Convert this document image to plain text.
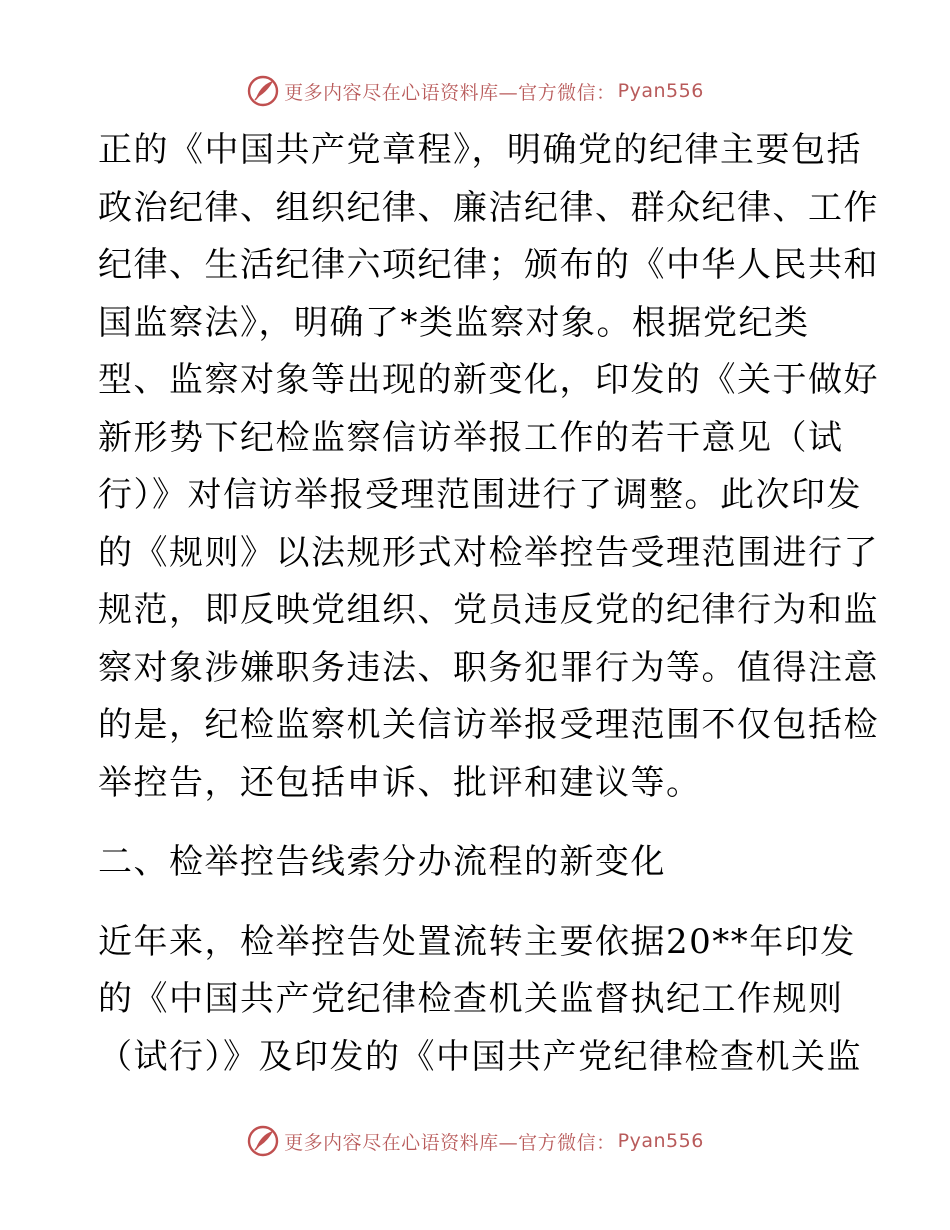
更多内容尽在心语资料库—官方微信： Pyan556
正的《中国共产党章程》，明确党的纪律主要包括
政治纪律、组织纪律、廉洁纪律、群众纪律、工作
纪律、生活纪律六项纪律；颁布的《中华人民共和
国监察法》，明确了*类监察对象。根据党纪类
型、监察对象等出现的新变化，印发的《关于做好
新形势下纪检监察信访举报工作的若干意见（试
行）》对信访举报受理范围进行了调整。此次印发
的《规则》以法规形式对检举控告受理范围进行了
规范，即反映党组织、党员违反党的纪律行为和监
察对象涉嫌职务违法、职务犯罪行为等。值得注意
的是，纪检监察机关信访举报受理范围不仅包括检
举控告，还包括申诉、批评和建议等。
二、检举控告线索分办流程的新变化
近年来，检举控告处置流转主要依据20**年印发
的《中国共产党纪律检查机关监督执纪工作规则
（试行）》及印发的《中国共产党纪律检查机关监
更多内容尽在心语资料库—官方微信： Pyan556
